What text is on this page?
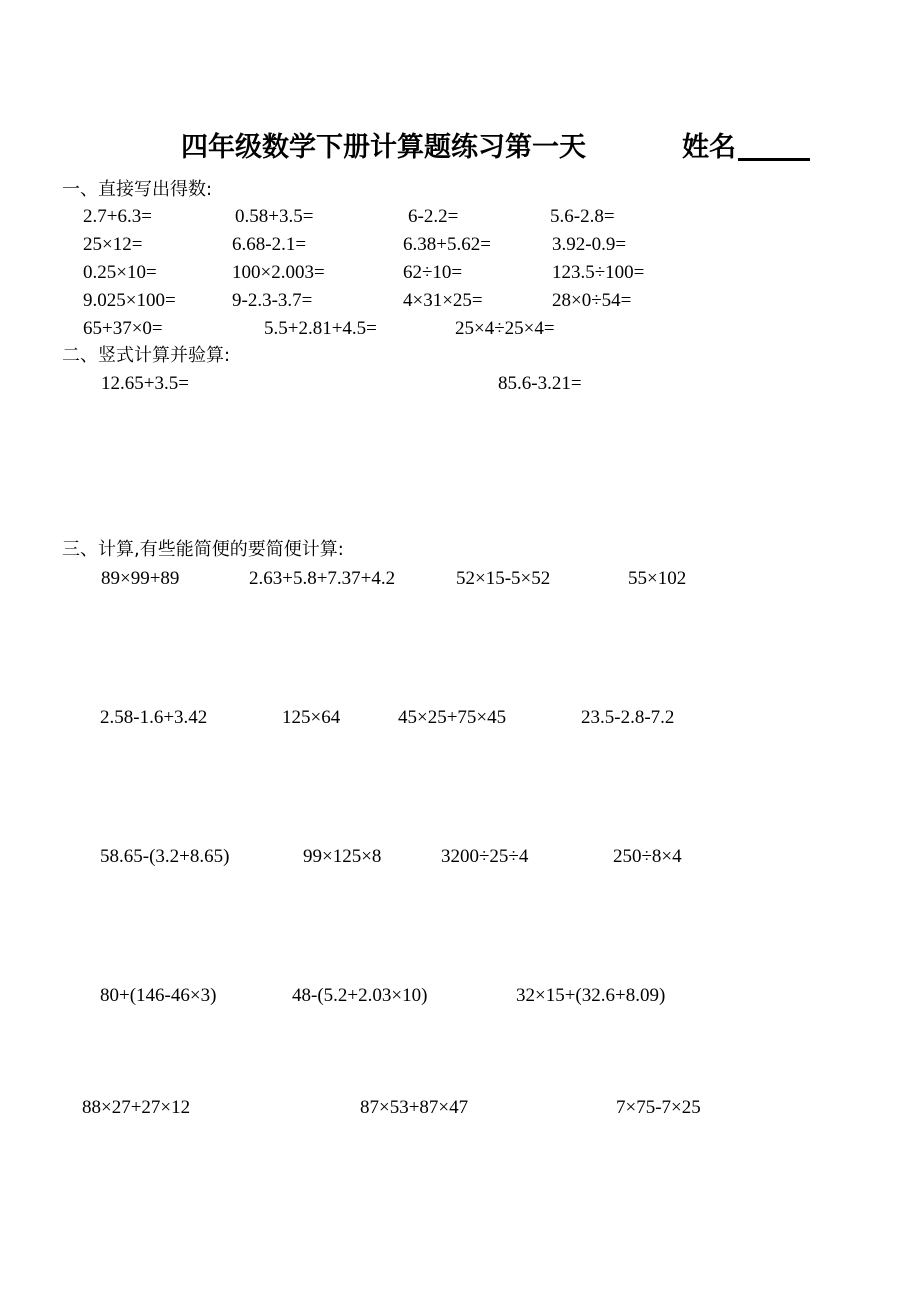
四年级数学下册计算题练习第一天	姓名
一、直接写出得数:
2.7+6.3=	0.58+3.5=	6-2.2=	5.6-2.8=
25×12=	6.68-2.1=	6.38+5.62=	3.92-0.9=
0.25×10=	100×2.003=	62÷10=	123.5÷100=
9.025×100=	9-2.3-3.7=	4×31×25=	28×0÷54=
65+37×0=	5.5+2.81+4.5=	25×4÷25×4=
二、竖式计算并验算:
12.65+3.5=	85.6-3.21=
三、计算,有些能简便的要简便计算:
89×99+89	2.63+5.8+7.37+4.2	52×15-5×52	55×102
2.58-1.6+3.42	125×64	45×25+75×45	23.5-2.8-7.2
58.65-(3.2+8.65)	99×125×8	3200÷25÷4	250÷8×4
80+(146-46×3)	48-(5.2+2.03×10)	32×15+(32.6+8.09)
88×27+27×12	87×53+87×47	7×75-7×25
